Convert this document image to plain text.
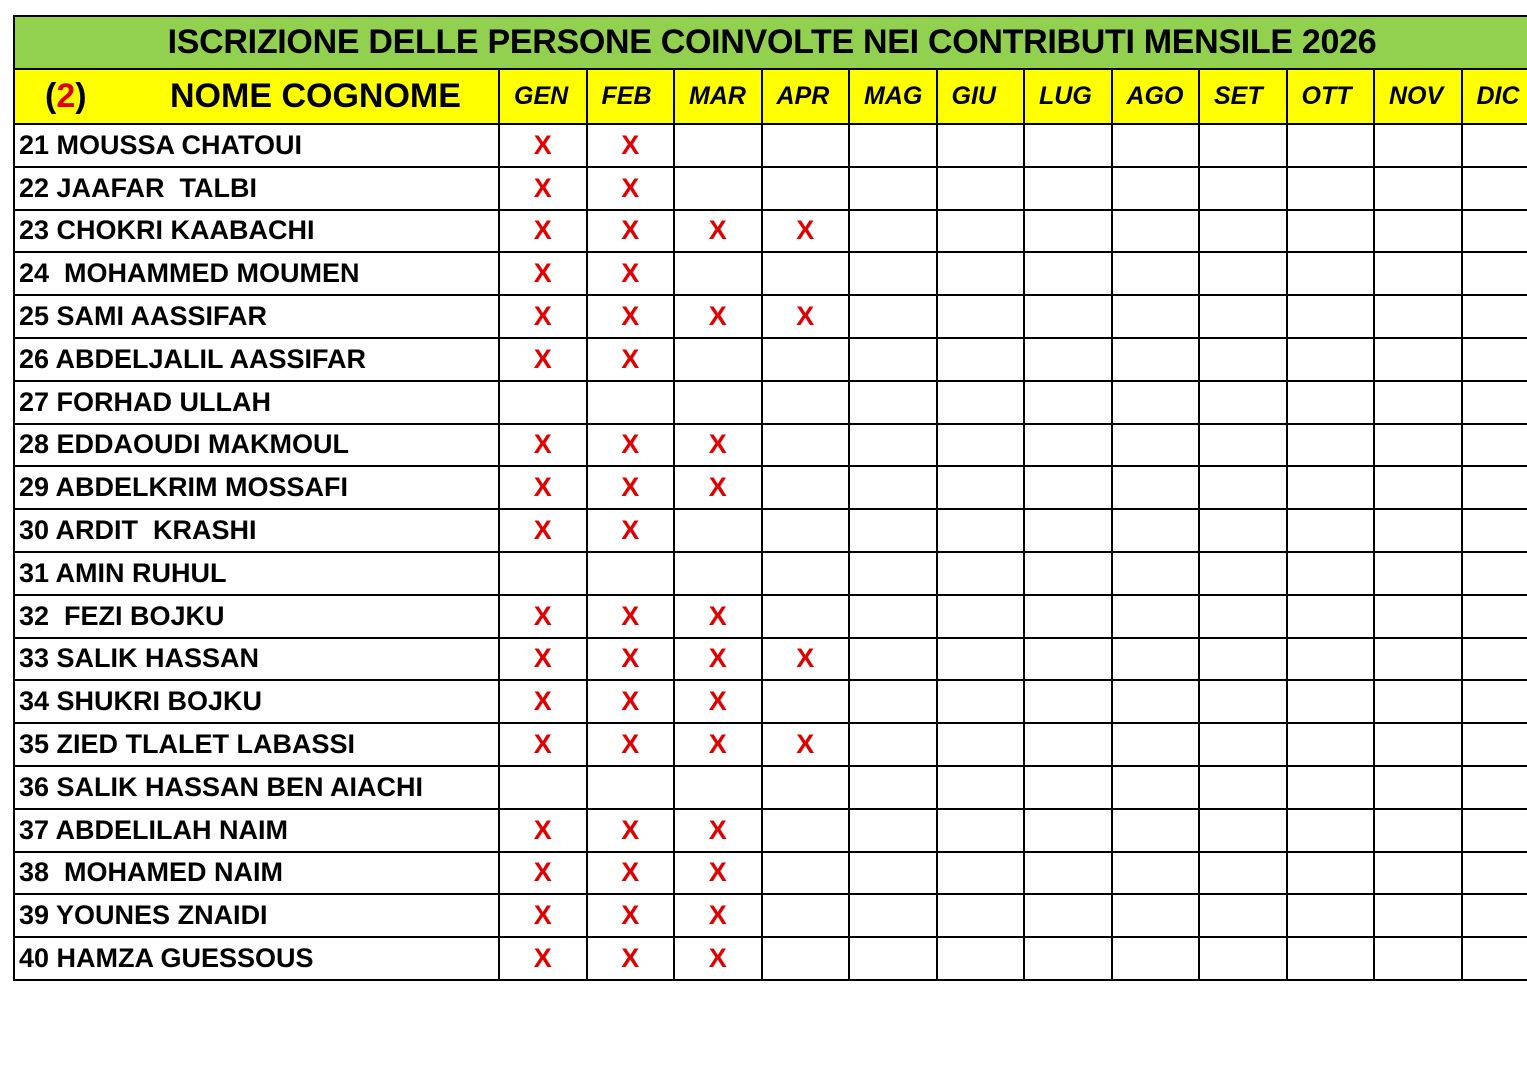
ISCRIZIONE DELLE PERSONE COINVOLTE NEI CONTRIBUTI MENSILE 2026
(2)	NOME COGNOME	GEN	FEB	MAR	APR	MAG	GIU	LUG	AGO	SET	OTT	NOV	DIC
21 MOUSSA CHATOUI	X	X
22 JAAFAR  TALBI	X	X
23 CHOKRI KAABACHI	X	X	X	X
24  MOHAMMED MOUMEN	X	X
25 SAMI AASSIFAR	X	X	X	X
26 ABDELJALIL AASSIFAR	X	X
27 FORHAD ULLAH
28 EDDAOUDI MAKMOUL	X	X	X
29 ABDELKRIM MOSSAFI	X	X	X
30 ARDIT  KRASHI	X	X
31 AMIN RUHUL
32  FEZI BOJKU	X	X	X
33 SALIK HASSAN	X	X	X	X
34 SHUKRI BOJKU	X	X	X
35 ZIED TLALET LABASSI	X	X	X	X
36 SALIK HASSAN BEN AIACHI
37 ABDELILAH NAIM	X	X	X
38  MOHAMED NAIM	X	X	X
39 YOUNES ZNAIDI	X	X	X
40 HAMZA GUESSOUS	X	X	X
